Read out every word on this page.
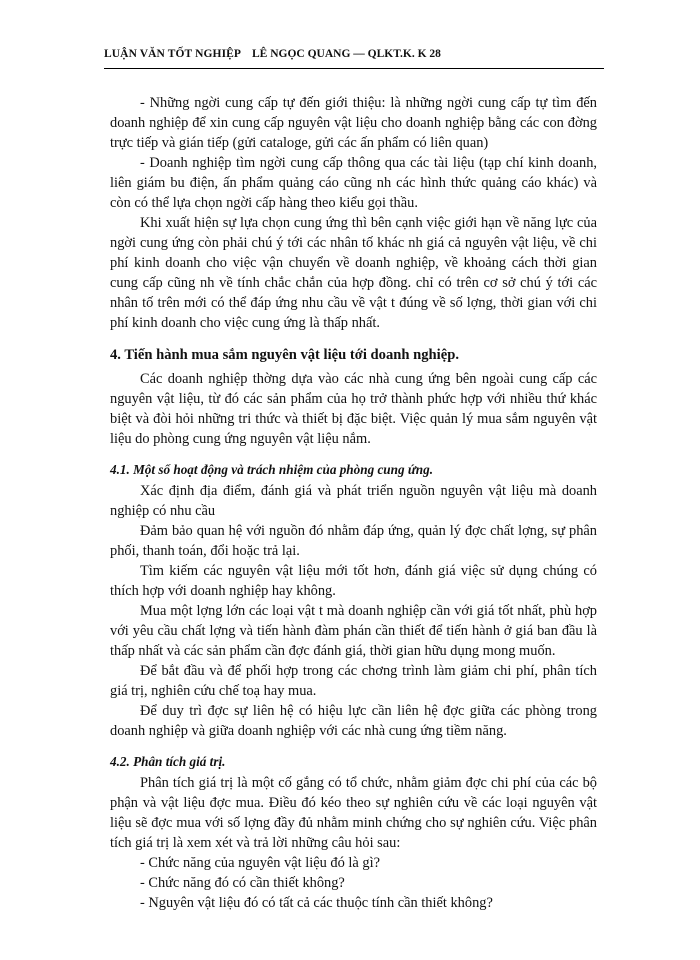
LUẬN VĂN TỐT NGHIỆP LÊ NGỌC QUANG — QLKT.K. K 28

- Những ngời cung cấp tự đến giới thiệu: là những ngời cung cấp tự tìm đến doanh nghiệp để xin cung cấp nguyên vật liệu cho doanh nghiệp bằng các con đờng trực tiếp và gián tiếp (gửi cataloge, gửi các ấn phẩm có liên quan)

- Doanh nghiệp tìm ngời cung cấp thông qua các tài liệu (tạp chí kinh doanh, liên giám bu điện, ấn phẩm quảng cáo cũng nh các hình thức quảng cáo khác) và còn có thể lựa chọn ngời cấp hàng theo kiểu gọi thầu.

Khi xuất hiện sự lựa chọn cung ứng thì bên cạnh việc giới hạn về năng lực của ngời cung ứng còn phải chú ý tới các nhân tố khác nh giá cả nguyên vật liệu, về chi phí kinh doanh cho việc vận chuyển về doanh nghiệp, về khoảng cách thời gian cung cấp cũng nh về tính chắc chắn của hợp đồng. chỉ có trên cơ sở chú ý tới các nhân tố trên mới có thể đáp ứng nhu cầu về vật t đúng về số lợng, thời gian với chi phí kinh doanh cho việc cung ứng là thấp nhất.

4. Tiến hành mua sắm nguyên vật liệu tới doanh nghiệp.

Các doanh nghiệp thờng dựa vào các nhà cung ứng bên ngoài cung cấp các nguyên vật liệu, từ đó các sản phẩm của họ trở thành phức hợp với nhiều thứ khác biệt và đòi hỏi những tri thức và thiết bị đặc biệt. Việc quản lý mua sắm nguyên vật liệu do phòng cung ứng nguyên vật liệu nắm.

4.1. Một số hoạt động và trách nhiệm của phòng cung ứng.

Xác định địa điểm, đánh giá và phát triển nguồn nguyên vật liệu mà doanh nghiệp có nhu cầu

Đảm bảo quan hệ với nguồn đó nhằm đáp ứng, quản lý đợc chất lợng, sự phân phối, thanh toán, đổi hoặc trả lại.

Tìm kiếm các nguyên vật liệu mới tốt hơn, đánh giá việc sử dụng chúng có thích hợp với doanh nghiệp hay không.

Mua một lợng lớn các loại vật t mà doanh nghiệp cần với giá tốt nhất, phù hợp với yêu cầu chất lợng và tiến hành đàm phán cần thiết để tiến hành ở giá ban đầu là thấp nhất và các sản phẩm cần đợc đánh giá, thời gian hữu dụng mong muốn.

Để bắt đầu và để phối hợp trong các chơng trình làm giảm chi phí, phân tích giá trị, nghiên cứu chế toạ hay mua.

Để duy trì đợc sự liên hệ có hiệu lực cần liên hệ đợc giữa các phòng trong doanh nghiệp và giữa doanh nghiệp với các nhà cung ứng tiềm năng.

4.2. Phân tích giá trị.

Phân tích giá trị là một cố gắng có tổ chức, nhằm giảm đợc chi phí của các bộ phận và vật liệu đợc mua. Điều đó kéo theo sự nghiên cứu về các loại nguyên vật liệu sẽ đợc mua với số lợng đầy đủ nhằm minh chứng cho sự nghiên cứu. Việc phân tích giá trị là xem xét và trả lời những câu hỏi sau:

- Chức năng của nguyên vật liệu đó là gì?

- Chức năng đó có cần thiết không?

- Nguyên vật liệu đó có tất cả các thuộc tính cần thiết không?
